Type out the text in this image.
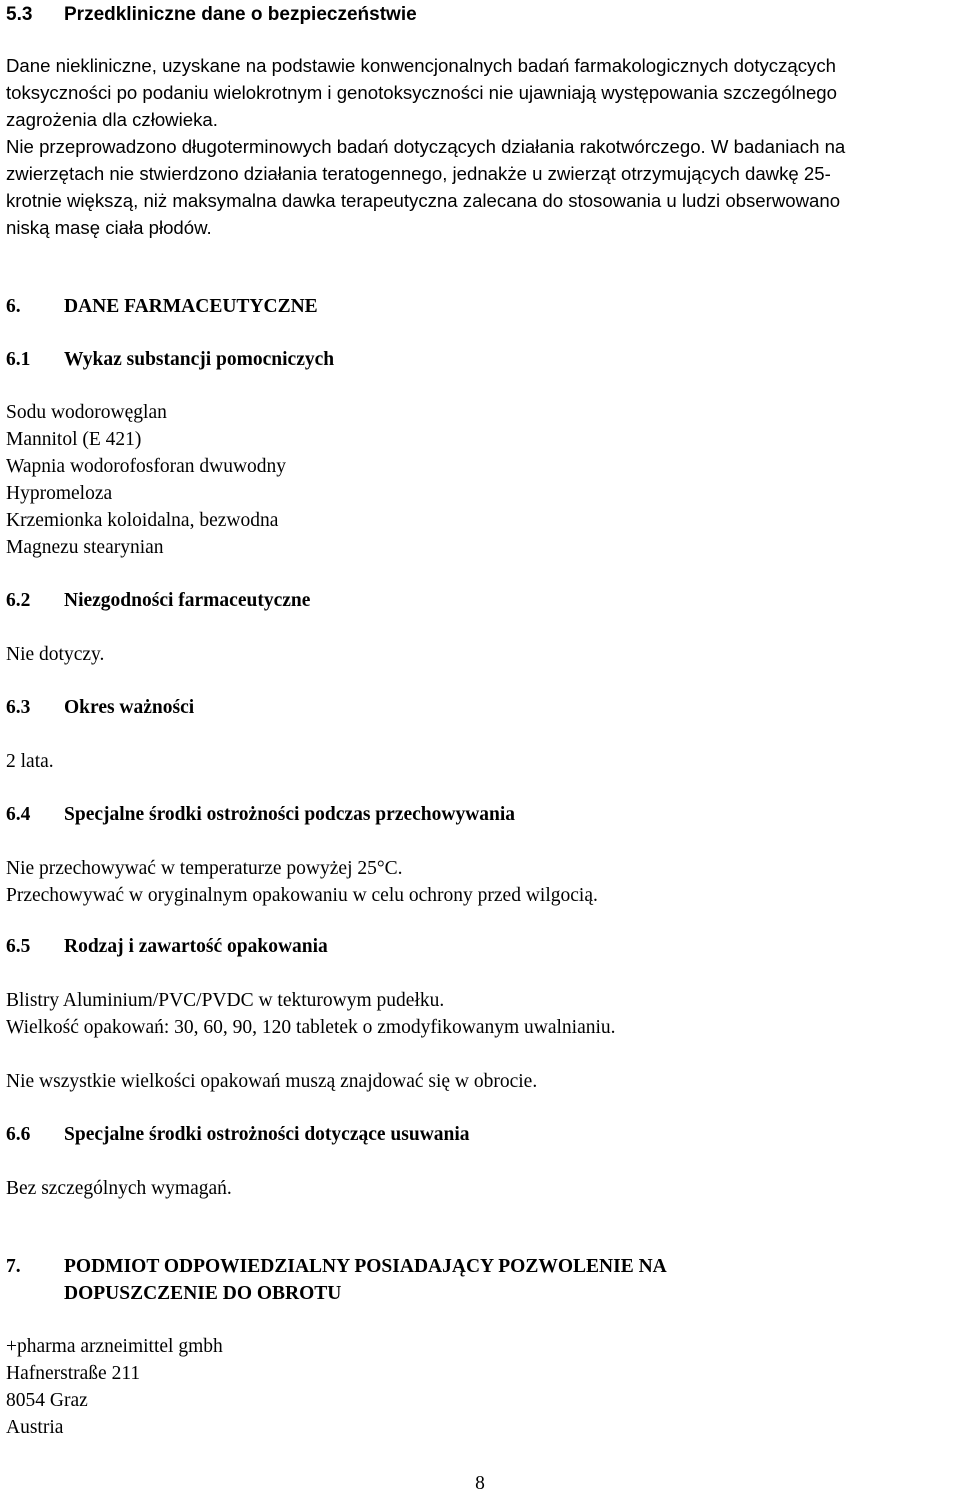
5.3	Przedkliniczne dane o bezpieczeństwie
Dane niekliniczne, uzyskane na podstawie konwencjonalnych badań farmakologicznych dotyczących
toksyczności po podaniu wielokrotnym i genotoksyczności nie ujawniają występowania szczególnego
zagrożenia dla człowieka.
Nie przeprowadzono długoterminowych badań dotyczących działania rakotwórczego. W badaniach na
zwierzętach nie stwierdzono działania teratogennego, jednakże u zwierząt otrzymujących dawkę 25-
krotnie większą, niż maksymalna dawka terapeutyczna zalecana do stosowania u ludzi obserwowano
niską masę ciała płodów.
6.	DANE FARMACEUTYCZNE
6.1	Wykaz substancji pomocniczych
Sodu wodorowęglan
Mannitol (E 421)
Wapnia wodorofosforan dwuwodny
Hypromeloza
Krzemionka koloidalna, bezwodna
Magnezu stearynian
6.2	Niezgodności farmaceutyczne
Nie dotyczy.
6.3	Okres ważności
2 lata.
6.4	Specjalne środki ostrożności podczas przechowywania
Nie przechowywać w temperaturze powyżej 25°C.
Przechowywać w oryginalnym opakowaniu w celu ochrony przed wilgocią.
6.5	Rodzaj i zawartość opakowania
Blistry Aluminium/PVC/PVDC w tekturowym pudełku.
Wielkość opakowań: 30, 60, 90, 120 tabletek o zmodyfikowanym uwalnianiu.
Nie wszystkie wielkości opakowań muszą znajdować się w obrocie.
6.6	Specjalne środki ostrożności dotyczące usuwania
Bez szczególnych wymagań.
7.	PODMIOT ODPOWIEDZIALNY POSIADAJĄCY POZWOLENIE NA
DOPUSZCZENIE DO OBROTU
+pharma arzneimittel gmbh
Hafnerstraße 211
8054 Graz
Austria
8
